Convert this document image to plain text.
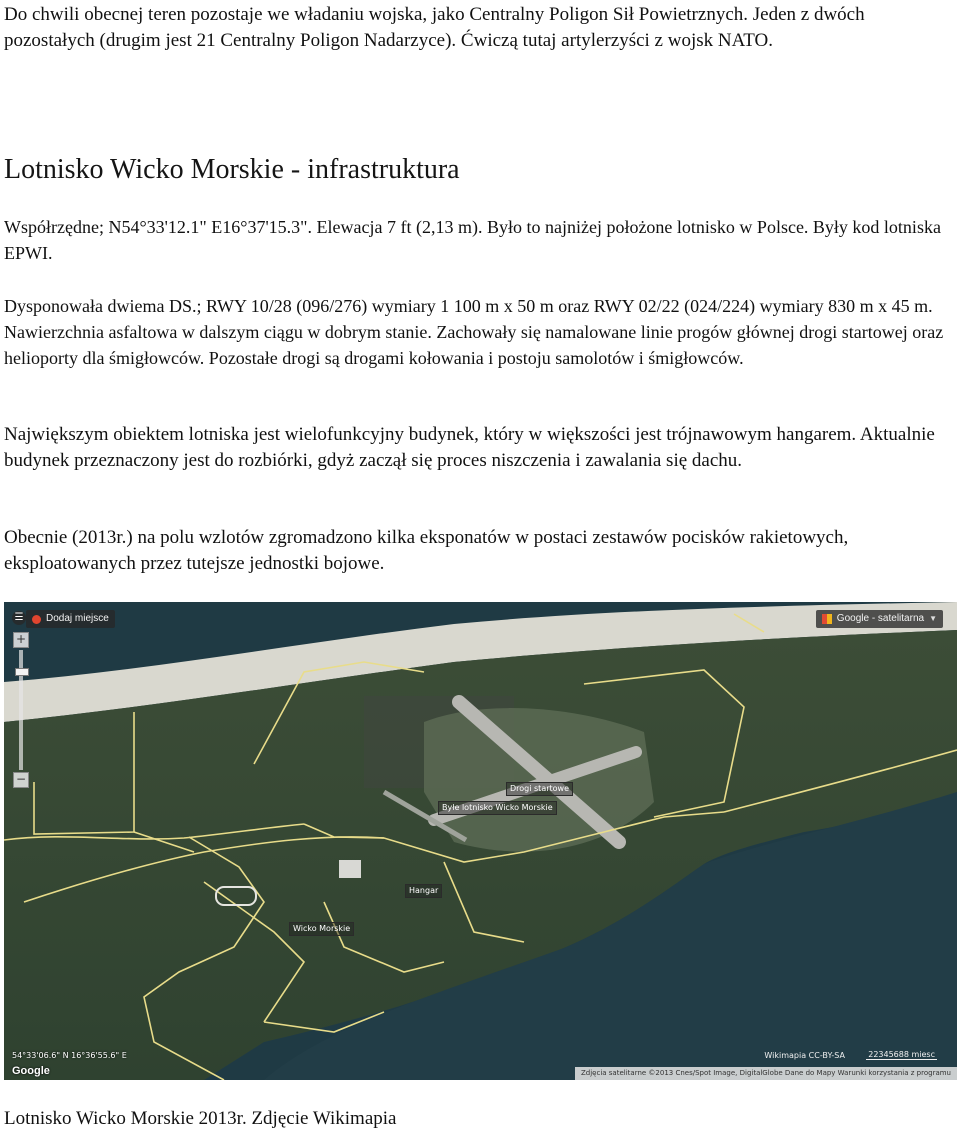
Do chwili obecnej teren pozostaje we władaniu wojska, jako Centralny Poligon Sił Powietrznych. Jeden z dwóch pozostałych (drugim jest 21 Centralny Poligon Nadarzyce). Ćwiczą tutaj artylerzyści z wojsk NATO.

Lotnisko Wicko Morskie - infrastruktura

Współrzędne; N54°33'12.1" E16°37'15.3". Elewacja 7 ft (2,13 m). Było to najniżej położone lotnisko w Polsce. Były kod lotniska EPWI.

Dysponowała dwiema DS.; RWY 10/28 (096/276) wymiary 1 100 m x 50 m oraz RWY 02/22 (024/224) wymiary 830 m x 45 m. Nawierzchnia asfaltowa w dalszym ciągu w dobrym stanie. Zachowały się namalowane linie progów głównej drogi startowej oraz helioporty dla śmigłowców. Pozostałe drogi są drogami kołowania i postoju samolotów i śmigłowców.

Największym obiektem lotniska jest wielofunkcyjny budynek, który w większości jest trójnawowym hangarem. Aktualnie budynek przeznaczony jest do rozbiórki, gdyż zaczął się proces niszczenia i zawalania się dachu.

Obecnie (2013r.) na polu wzlotów zgromadzono kilka eksponatów w postaci zestawów pocisków rakietowych, eksploatowanych przez tutejsze jednostki bojowe.

☰ Dodaj miejsce	Google - satelitarna ▼
+
−
Drogi startowe
Byłe lotnisko Wicko Morskie
Hangar
Wicko Morskie
54°33'06.6" N 16°36'55.6" E
Google
Wikimapia CC-BY-SA	22345688 miesc
Zdjęcia satelitarne ©2013 Cnes/Spot Image, DigitalGlobe Dane do Mapy Warunki korzystania z programu

Lotnisko Wicko Morskie 2013r. Zdjęcie Wikimapia
